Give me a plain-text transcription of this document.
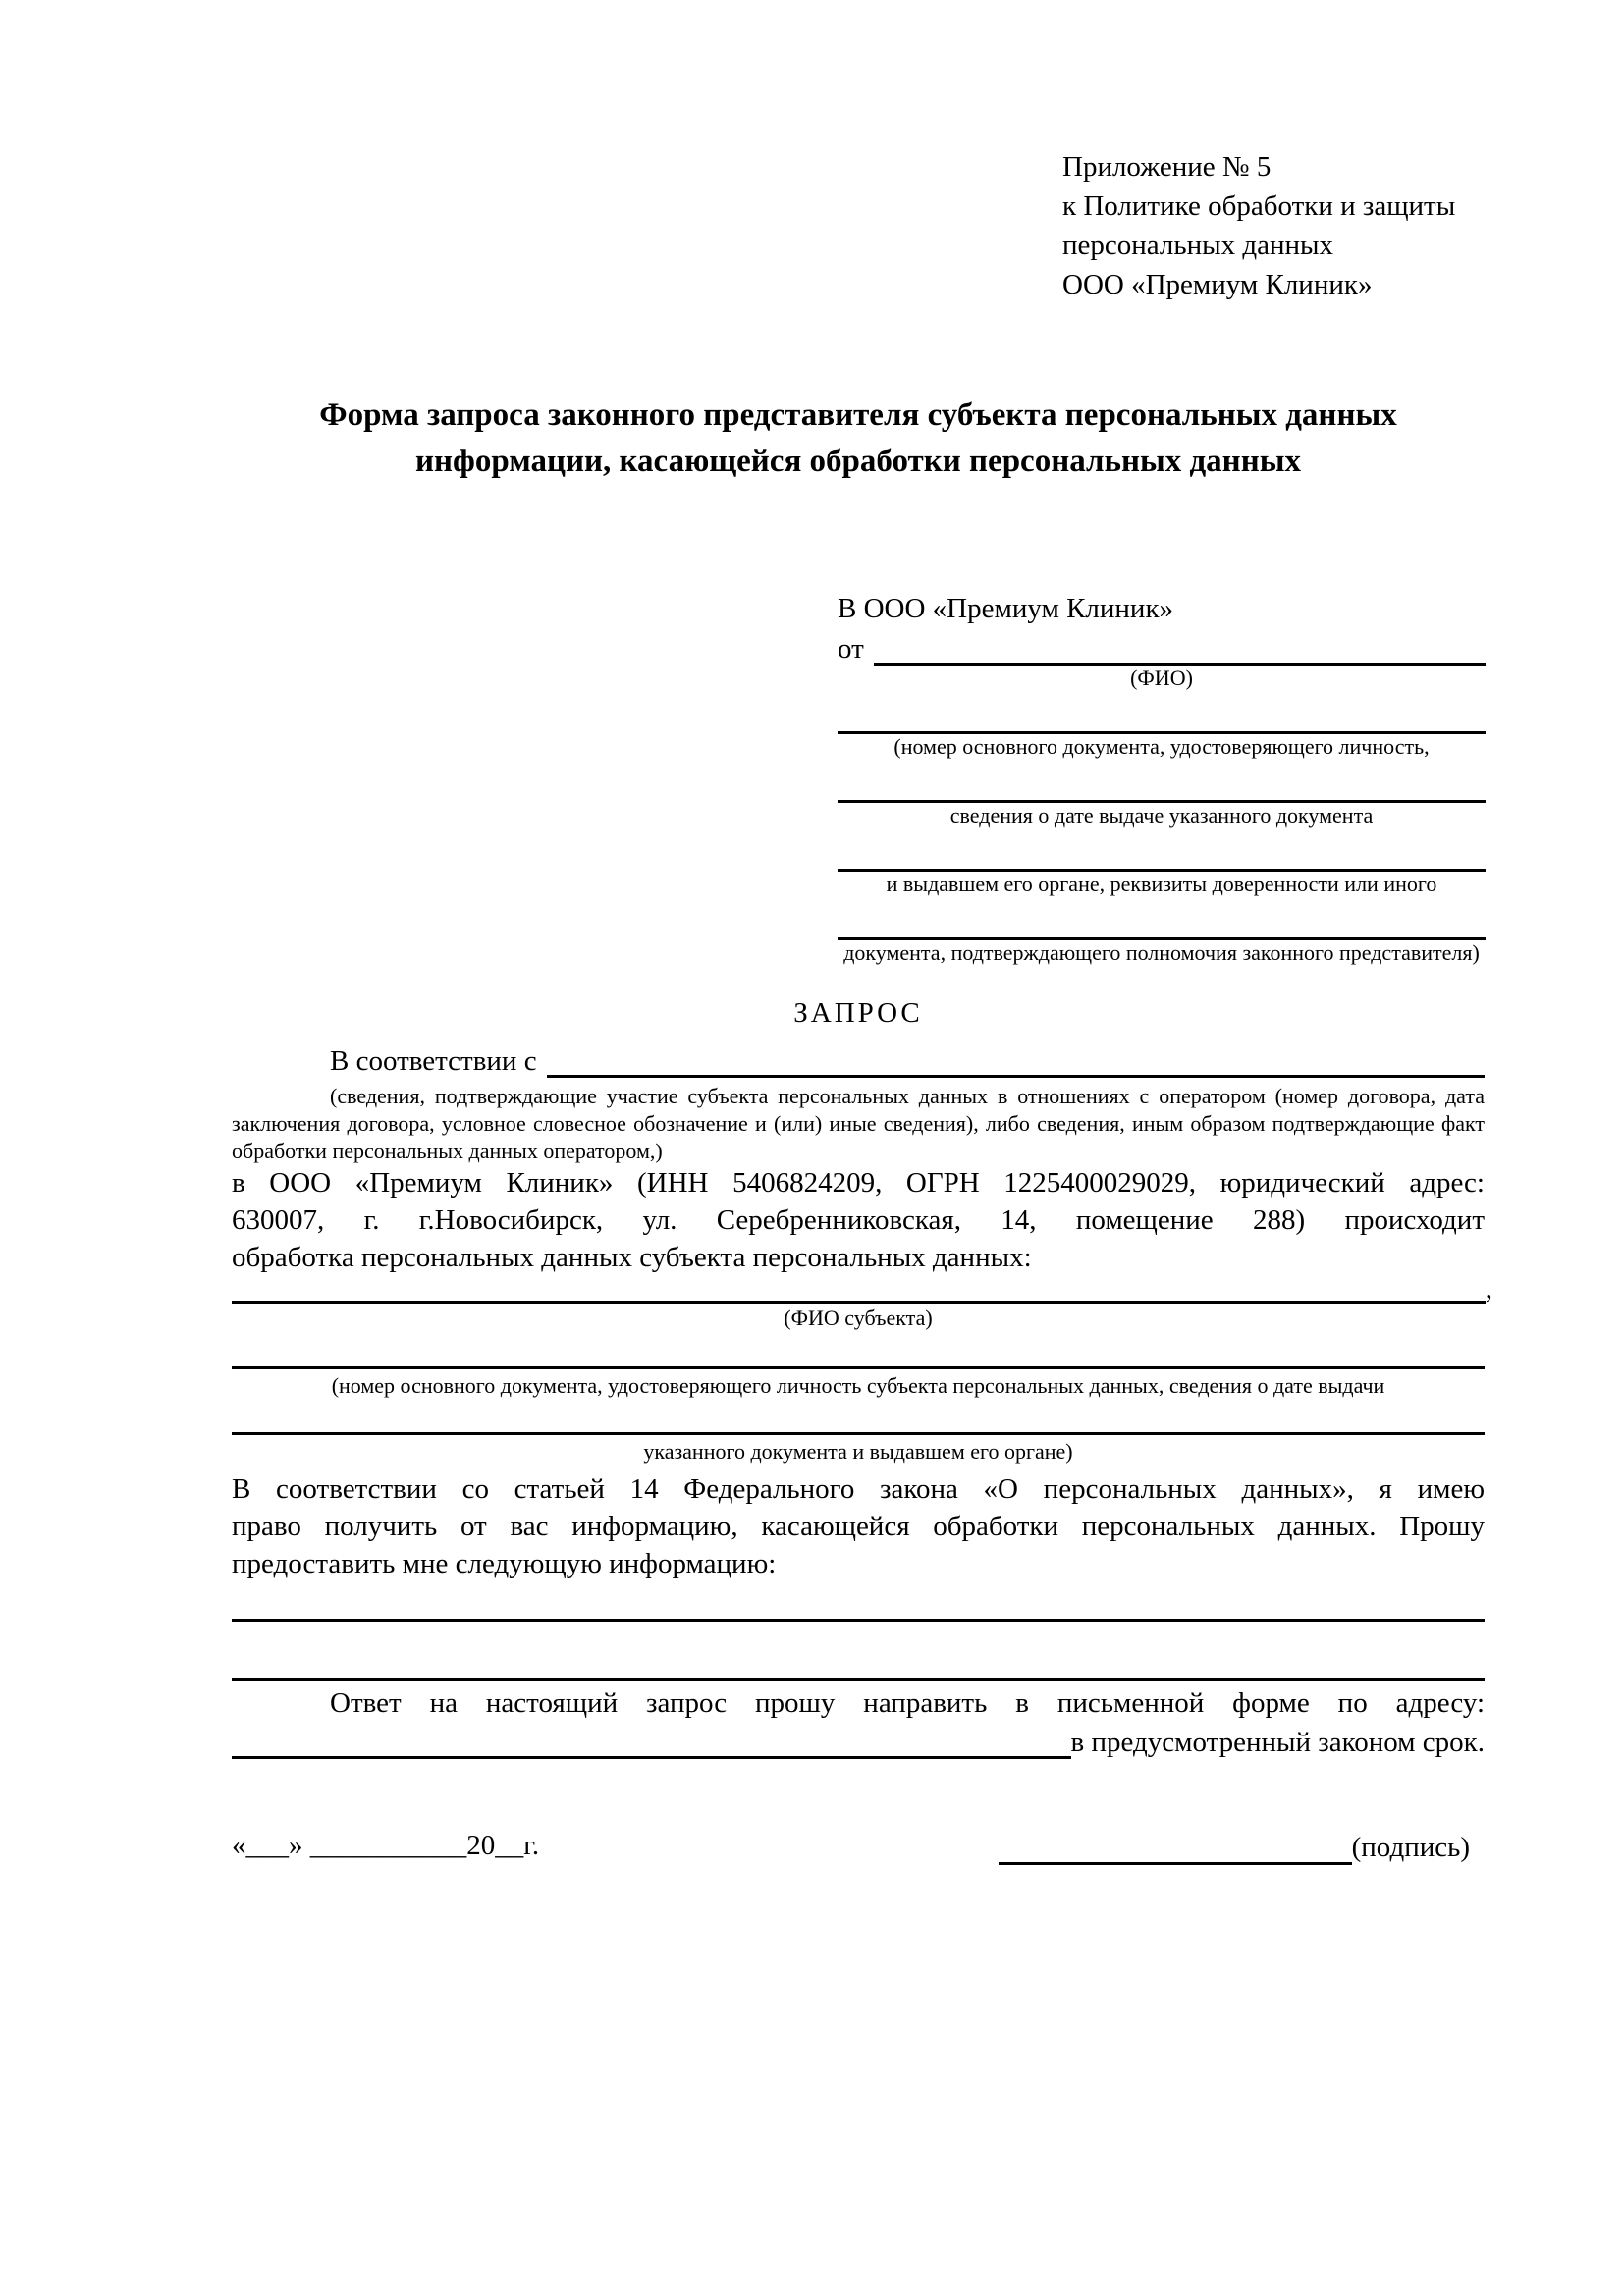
Приложение № 5
к Политике обработки и защиты
персональных данных
ООО «Премиум Клиник»
Форма запроса законного представителя субъекта персональных данных
информации, касающейся обработки персональных данных
В ООО «Премиум Клиник»
от
(ФИО)
(номер основного документа, удостоверяющего личность,
сведения о дате выдаче указанного документа
и выдавшем его органе, реквизиты доверенности или иного
документа, подтверждающего полномочия законного представителя)
ЗАПРОС
В соответствии с
(сведения, подтверждающие участие субъекта персональных данных в отношениях с оператором (номер договора, дата
заключения договора, условное словесное обозначение и (или) иные сведения), либо сведения, иным образом подтверждающие факт
обработки персональных данных оператором,)
в ООО «Премиум Клиник» (ИНН 5406824209, ОГРН 1225400029029, юридический адрес:
630007, г. г.Новосибирск, ул. Серебренниковская, 14, помещение 288) происходит
обработка персональных данных субъекта персональных данных:
,
(ФИО субъекта)
(номер основного документа, удостоверяющего личность субъекта персональных данных, сведения о дате выдачи
указанного документа и выдавшем его органе)
В соответствии со статьей 14 Федерального закона «О персональных данных», я имею
право получить от вас информацию, касающейся обработки персональных данных. Прошу
предоставить мне следующую информацию:
Ответ на настоящий запрос прошу направить в письменной форме по адресу:
в предусмотренный законом срок.
«___» ___________20__г.	(подпись)
